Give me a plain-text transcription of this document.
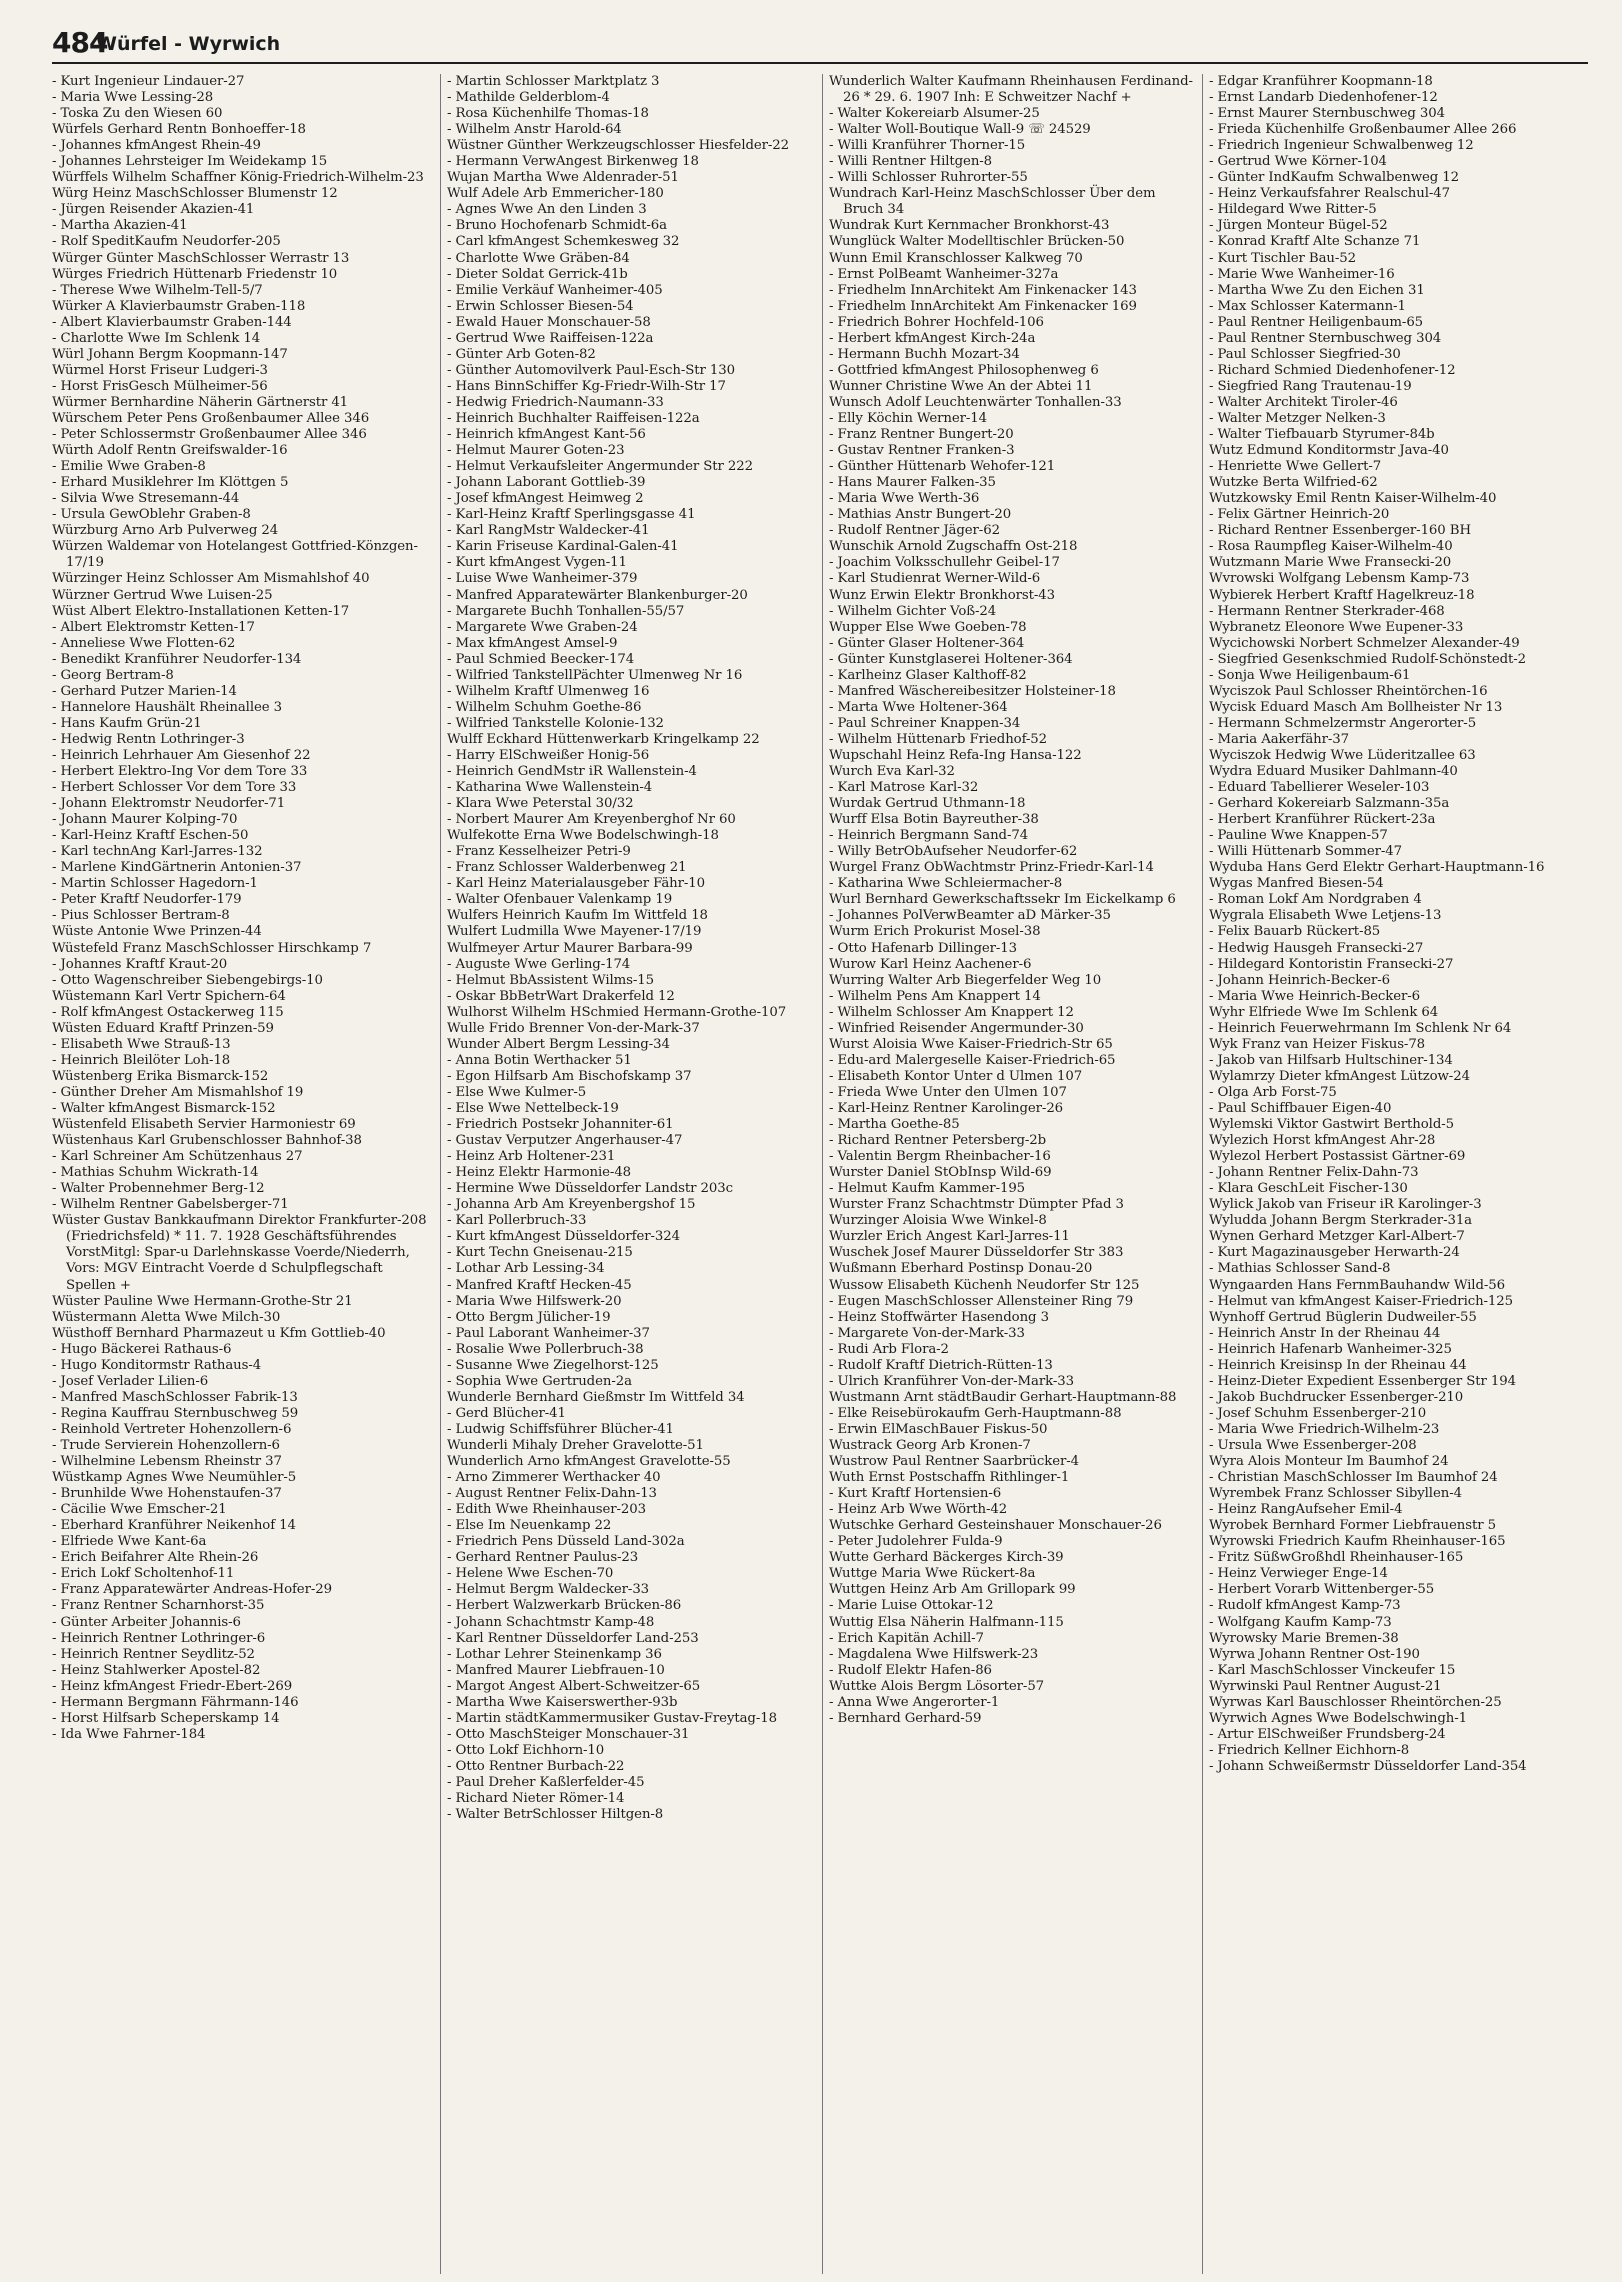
484
Würfel - Wyrwich
- Kurt Ingenieur Lindauer-27
- Maria Wwe Lessing-28
- Toska Zu den Wiesen 60
Würfels Gerhard Rentn Bonhoeffer-18
- Johannes kfmAngest Rhein-49
- Johannes Lehrsteiger Im Weidekamp 15
Würffels Wilhelm Schaffner König-Friedrich-Wilhelm-23
Würg Heinz MaschSchlosser Blumenstr 12
- Jürgen Reisender Akazien-41
- Martha Akazien-41
- Rolf SpeditKaufm Neudorfer-205
Würger Günter MaschSchlosser Werrastr 13
Würges Friedrich Hüttenarb Friedenstr 10
- Therese Wwe Wilhelm-Tell-5/7
Würker A Klavierbaumstr Graben-118
- Albert Klavierbaumstr Graben-144
- Charlotte Wwe Im Schlenk 14
Würl Johann Bergm Koopmann-147
Würmel Horst Friseur Ludgeri-3
- Horst FrisGesch Mülheimer-56
Würmer Bernhardine Näherin Gärtnerstr 41
Würschem Peter Pens Großenbaumer Allee 346
- Peter Schlossermstr Großenbaumer Allee 346
Würth Adolf Rentn Greifswalder-16
- Emilie Wwe Graben-8
- Erhard Musiklehrer Im Klöttgen 5
- Silvia Wwe Stresemann-44
- Ursula GewOblehr Graben-8
Würzburg Arno Arb Pulverweg 24
Würzen Waldemar von Hotelangest Gottfried-Könzgen-17/19
Würzinger Heinz Schlosser Am Mismahlshof 40
Würzner Gertrud Wwe Luisen-25
Wüst Albert Elektro-Installationen Ketten-17
- Albert Elektromstr Ketten-17
- Anneliese Wwe Flotten-62
- Benedikt Kranführer Neudorfer-134
- Georg Bertram-8
- Gerhard Putzer Marien-14
- Hannelore Haushält Rheinallee 3
- Hans Kaufm Grün-21
- Hedwig Rentn Lothringer-3
- Heinrich Lehrhauer Am Giesenhof 22
- Herbert Elektro-Ing Vor dem Tore 33
- Herbert Schlosser Vor dem Tore 33
- Johann Elektromstr Neudorfer-71
- Johann Maurer Kolping-70
- Karl-Heinz Kraftf Eschen-50
- Karl technAng Karl-Jarres-132
- Marlene KindGärtnerin Antonien-37
- Martin Schlosser Hagedorn-1
- Peter Kraftf Neudorfer-179
- Pius Schlosser Bertram-8
Wüste Antonie Wwe Prinzen-44
Wüstefeld Franz MaschSchlosser Hirschkamp 7
- Johannes Kraftf Kraut-20
- Otto Wagenschreiber Siebengebirgs-10
Wüstemann Karl Vertr Spichern-64
- Rolf kfmAngest Ostackerweg 115
Wüsten Eduard Kraftf Prinzen-59
- Elisabeth Wwe Strauß-13
- Heinrich Bleilöter Loh-18
Wüstenberg Erika Bismarck-152
- Günther Dreher Am Mismahlshof 19
- Walter kfmAngest Bismarck-152
Wüstenfeld Elisabeth Servier Harmoniestr 69
Wüstenhaus Karl Grubenschlosser Bahnhof-38
- Karl Schreiner Am Schützenhaus 27
- Mathias Schuhm Wickrath-14
- Walter Probennehmer Berg-12
- Wilhelm Rentner Gabelsberger-71
Wüster Gustav Bankkaufmann Direktor Frankfurter-208 (Friedrichsfeld) * 11. 7. 1928 Geschäftsführendes VorstMitgl: Spar-u Darlehnskasse Voerde/Niederrh, Vors: MGV Eintracht Voerde d Schulpflegschaft Spellen +
Wüster Pauline Wwe Hermann-Grothe-Str 21
Wüstermann Aletta Wwe Milch-30
Wüsthoff Bernhard Pharmazeut u Kfm Gottlieb-40
- Hugo Bäckerei Rathaus-6
- Hugo Konditormstr Rathaus-4
- Josef Verlader Lilien-6
- Manfred MaschSchlosser Fabrik-13
- Regina Kauffrau Sternbuschweg 59
- Reinhold Vertreter Hohenzollern-6
- Trude Servierein Hohenzollern-6
- Wilhelmine Lebensm Rheinstr 37
Wüstkamp Agnes Wwe Neumühler-5
- Brunhilde Wwe Hohenstaufen-37
- Cäcilie Wwe Emscher-21
- Eberhard Kranführer Neikenhof 14
- Elfriede Wwe Kant-6a
- Erich Beifahrer Alte Rhein-26
- Erich Lokf Scholtenhof-11
- Franz Apparatewärter Andreas-Hofer-29
- Franz Rentner Scharnhorst-35
- Günter Arbeiter Johannis-6
- Heinrich Rentner Lothringer-6
- Heinrich Rentner Seydlitz-52
- Heinz Stahlwerker Apostel-82
- Heinz kfmAngest Friedr-Ebert-269
- Hermann Bergmann Fährmann-146
- Horst Hilfsarb Scheperskamp 14
- Ida Wwe Fahrner-184
- Martin Schlosser Marktplatz 3
- Mathilde Gelderblom-4
- Rosa Küchenhilfe Thomas-18
- Wilhelm Anstr Harold-64
Wüstner Günther Werkzeugschlosser Hiesfelder-22
- Hermann VerwAngest Birkenweg 18
Wujan Martha Wwe Aldenrader-51
Wulf Adele Arb Emmericher-180
- Agnes Wwe An den Linden 3
- Bruno Hochofenarb Schmidt-6a
- Carl kfmAngest Schemkesweg 32
- Charlotte Wwe Gräben-84
- Dieter Soldat Gerrick-41b
- Emilie Verkäuf Wanheimer-405
- Erwin Schlosser Biesen-54
- Ewald Hauer Monschauer-58
- Gertrud Wwe Raiffeisen-122a
- Günter Arb Goten-82
- Günther Automovilverk Paul-Esch-Str 130
- Hans BinnSchiffer Kg-Friedr-Wilh-Str 17
- Hedwig Friedrich-Naumann-33
- Heinrich Buchhalter Raiffeisen-122a
- Heinrich kfmAngest Kant-56
- Helmut Maurer Goten-23
- Helmut Verkaufsleiter Angermunder Str 222
- Johann Laborant Gottlieb-39
- Josef kfmAngest Heimweg 2
- Karl-Heinz Kraftf Sperlingsgasse 41
- Karl RangMstr Waldecker-41
- Karin Friseuse Kardinal-Galen-41
- Kurt kfmAngest Vygen-11
- Luise Wwe Wanheimer-379
- Manfred Apparatewärter Blankenburger-20
- Margarete Buchh Tonhallen-55/57
- Margarete Wwe Graben-24
- Max kfmAngest Amsel-9
- Paul Schmied Beecker-174
- Wilfried TankstellPächter Ulmenweg Nr 16
- Wilhelm Kraftf Ulmenweg 16
- Wilhelm Schuhm Goethe-86
- Wilfried Tankstelle Kolonie-132
Wulff Eckhard Hüttenwerkarb Kringelkamp 22
- Harry ElSchweißer Honig-56
- Heinrich GendMstr iR Wallenstein-4
- Katharina Wwe Wallenstein-4
- Klara Wwe Peterstal 30/32
- Norbert Maurer Am Kreyenberghof Nr 60
Wulfekotte Erna Wwe Bodelschwingh-18
- Franz Kesselheizer Petri-9
- Franz Schlosser Walderbenweg 21
- Karl Heinz Materialausgeber Fähr-10
- Walter Ofenbauer Valenkamp 19
Wulfers Heinrich Kaufm Im Wittfeld 18
Wulfert Ludmilla Wwe Mayener-17/19
Wulfmeyer Artur Maurer Barbara-99
- Auguste Wwe Gerling-174
- Helmut BbAssistent Wilms-15
- Oskar BbBetrWart Drakerfeld 12
Wulhorst Wilhelm HSchmied Hermann-Grothe-107
Wulle Frido Brenner Von-der-Mark-37
Wunder Albert Bergm Lessing-34
- Anna Botin Werthacker 51
- Egon Hilfsarb Am Bischofskamp 37
- Else Wwe Kulmer-5
- Else Wwe Nettelbeck-19
- Friedrich Postsekr Johanniter-61
- Gustav Verputzer Angerhauser-47
- Heinz Arb Holtener-231
- Heinz Elektr Harmonie-48
- Hermine Wwe Düsseldorfer Landstr 203c
- Johanna Arb Am Kreyenbergshof 15
- Karl Pollerbruch-33
- Kurt kfmAngest Düsseldorfer-324
- Kurt Techn Gneisenau-215
- Lothar Arb Lessing-34
- Manfred Kraftf Hecken-45
- Maria Wwe Hilfswerk-20
- Otto Bergm Jülicher-19
- Paul Laborant Wanheimer-37
- Rosalie Wwe Pollerbruch-38
- Susanne Wwe Ziegelhorst-125
- Sophia Wwe Gertruden-2a
Wunderle Bernhard Gießmstr Im Wittfeld 34
- Gerd Blücher-41
- Ludwig Schiffsführer Blücher-41
Wunderli Mihaly Dreher Gravelotte-51
Wunderlich Arno kfmAngest Gravelotte-55
- Arno Zimmerer Werthacker 40
- August Rentner Felix-Dahn-13
- Edith Wwe Rheinhauser-203
- Else Im Neuenkamp 22
- Friedrich Pens Düsseld Land-302a
- Gerhard Rentner Paulus-23
- Helene Wwe Eschen-70
- Helmut Bergm Waldecker-33
- Herbert Walzwerkarb Brücken-86
- Johann Schachtmstr Kamp-48
- Karl Rentner Düsseldorfer Land-253
- Lothar Lehrer Steinenkamp 36
- Manfred Maurer Liebfrauen-10
- Margot Angest Albert-Schweitzer-65
- Martha Wwe Kaiserswerther-93b
- Martin städtKammermusiker Gustav-Freytag-18
- Otto MaschSteiger Monschauer-31
- Otto Lokf Eichhorn-10
- Otto Rentner Burbach-22
- Paul Dreher Kaßlerfelder-45
- Richard Nieter Römer-14
- Walter BetrSchlosser Hiltgen-8
Wunderlich Walter Kaufmann Rheinhausen Ferdinand-26 * 29. 6. 1907 Inh: E Schweitzer Nachf +
- Walter Kokereiarb Alsumer-25
- Walter Woll-Boutique Wall-9 ☏ 24529
- Willi Kranführer Thorner-15
- Willi Rentner Hiltgen-8
- Willi Schlosser Ruhrorter-55
Wundrach Karl-Heinz MaschSchlosser Über dem Bruch 34
Wundrak Kurt Kernmacher Bronkhorst-43
Wunglück Walter Modelltischler Brücken-50
Wunn Emil Kranschlosser Kalkweg 70
- Ernst PolBeamt Wanheimer-327a
- Friedhelm InnArchitekt Am Finkenacker 143
- Friedhelm InnArchitekt Am Finkenacker 169
- Friedrich Bohrer Hochfeld-106
- Herbert kfmAngest Kirch-24a
- Hermann Buchh Mozart-34
- Gottfried kfmAngest Philosophenweg 6
Wunner Christine Wwe An der Abtei 11
Wunsch Adolf Leuchtenwärter Tonhallen-33
- Elly Köchin Werner-14
- Franz Rentner Bungert-20
- Gustav Rentner Franken-3
- Günther Hüttenarb Wehofer-121
- Hans Maurer Falken-35
- Maria Wwe Werth-36
- Mathias Anstr Bungert-20
- Rudolf Rentner Jäger-62
Wunschik Arnold Zugschaffn Ost-218
- Joachim Volksschullehr Geibel-17
- Karl Studienrat Werner-Wild-6
Wunz Erwin Elektr Bronkhorst-43
- Wilhelm Gichter Voß-24
Wupper Else Wwe Goeben-78
- Günter Glaser Holtener-364
- Günter Kunstglaserei Holtener-364
- Karlheinz Glaser Kalthoff-82
- Manfred Wäschereibesitzer Holsteiner-18
- Marta Wwe Holtener-364
- Paul Schreiner Knappen-34
- Wilhelm Hüttenarb Friedhof-52
Wupschahl Heinz Refa-Ing Hansa-122
Wurch Eva Karl-32
- Karl Matrose Karl-32
Wurdak Gertrud Uthmann-18
Wurff Elsa Botin Bayreuther-38
- Heinrich Bergmann Sand-74
- Willy BetrObAufseher Neudorfer-62
Wurgel Franz ObWachtmstr Prinz-Friedr-Karl-14
- Katharina Wwe Schleiermacher-8
Wurl Bernhard Gewerkschaftssekr Im Eickelkamp 6
- Johannes PolVerwBeamter aD Märker-35
Wurm Erich Prokurist Mosel-38
- Otto Hafenarb Dillinger-13
Wurow Karl Heinz Aachener-6
Wurring Walter Arb Biegerfelder Weg 10
- Wilhelm Pens Am Knappert 14
- Wilhelm Schlosser Am Knappert 12
- Winfried Reisender Angermunder-30
Wurst Aloisia Wwe Kaiser-Friedrich-Str 65
- Edu-ard Malergeselle Kaiser-Friedrich-65
- Elisabeth Kontor Unter d Ulmen 107
- Frieda Wwe Unter den Ulmen 107
- Karl-Heinz Rentner Karolinger-26
- Martha Goethe-85
- Richard Rentner Petersberg-2b
- Valentin Bergm Rheinbacher-16
Wurster Daniel StObInsp Wild-69
- Helmut Kaufm Kammer-195
Wurster Franz Schachtmstr Dümpter Pfad 3
Wurzinger Aloisia Wwe Winkel-8
Wurzler Erich Angest Karl-Jarres-11
Wuschek Josef Maurer Düsseldorfer Str 383
Wußmann Eberhard Postinsp Donau-20
Wussow Elisabeth Küchenh Neudorfer Str 125
- Eugen MaschSchlosser Allensteiner Ring 79
- Heinz Stoffwärter Hasendong 3
- Margarete Von-der-Mark-33
- Rudi Arb Flora-2
- Rudolf Kraftf Dietrich-Rütten-13
- Ulrich Kranführer Von-der-Mark-33
Wustmann Arnt städtBaudir Gerhart-Hauptmann-88
- Elke Reisebürokaufm Gerh-Hauptmann-88
- Erwin ElMaschBauer Fiskus-50
Wustrack Georg Arb Kronen-7
Wustrow Paul Rentner Saarbrücker-4
Wuth Ernst Postschaffn Rithlinger-1
- Kurt Kraftf Hortensien-6
- Heinz Arb Wwe Wörth-42
Wutschke Gerhard Gesteinshauer Monschauer-26
- Peter Judolehrer Fulda-9
Wutte Gerhard Bäckerges Kirch-39
Wuttge Maria Wwe Rückert-8a
Wuttgen Heinz Arb Am Grillopark 99
- Marie Luise Ottokar-12
Wuttig Elsa Näherin Halfmann-115
- Erich Kapitän Achill-7
- Magdalena Wwe Hilfswerk-23
- Rudolf Elektr Hafen-86
Wuttke Alois Bergm Lösorter-57
- Anna Wwe Angerorter-1
- Bernhard Gerhard-59
- Edgar Kranführer Koopmann-18
- Ernst Landarb Diedenhofener-12
- Ernst Maurer Sternbuschweg 304
- Frieda Küchenhilfe Großenbaumer Allee 266
- Friedrich Ingenieur Schwalbenweg 12
- Gertrud Wwe Körner-104
- Günter IndKaufm Schwalbenweg 12
- Heinz Verkaufsfahrer Realschul-47
- Hildegard Wwe Ritter-5
- Jürgen Monteur Bügel-52
- Konrad Kraftf Alte Schanze 71
- Kurt Tischler Bau-52
- Marie Wwe Wanheimer-16
- Martha Wwe Zu den Eichen 31
- Max Schlosser Katermann-1
- Paul Rentner Heiligenbaum-65
- Paul Rentner Sternbuschweg 304
- Paul Schlosser Siegfried-30
- Richard Schmied Diedenhofener-12
- Siegfried Rang Trautenau-19
- Walter Architekt Tiroler-46
- Walter Metzger Nelken-3
- Walter Tiefbauarb Styrumer-84b
Wutz Edmund Konditormstr Java-40
- Henriette Wwe Gellert-7
Wutzke Berta Wilfried-62
Wutzkowsky Emil Rentn Kaiser-Wilhelm-40
- Felix Gärtner Heinrich-20
- Richard Rentner Essenberger-160 BH
- Rosa Raumpfleg Kaiser-Wilhelm-40
Wutzmann Marie Wwe Fransecki-20
Wvrowski Wolfgang Lebensm Kamp-73
Wybierek Herbert Kraftf Hagelkreuz-18
- Hermann Rentner Sterkrader-468
Wybranetz Eleonore Wwe Eupener-33
Wycichowski Norbert Schmelzer Alexander-49
- Siegfried Gesenkschmied Rudolf-Schönstedt-2
- Sonja Wwe Heiligenbaum-61
Wyciszok Paul Schlosser Rheintörchen-16
Wycisk Eduard Masch Am Bollheister Nr 13
- Hermann Schmelzermstr Angerorter-5
- Maria Aakerfähr-37
Wyciszok Hedwig Wwe Lüderitzallee 63
Wydra Eduard Musiker Dahlmann-40
- Eduard Tabellierer Weseler-103
- Gerhard Kokereiarb Salzmann-35a
- Herbert Kranführer Rückert-23a
- Pauline Wwe Knappen-57
- Willi Hüttenarb Sommer-47
Wyduba Hans Gerd Elektr Gerhart-Hauptmann-16
Wygas Manfred Biesen-54
- Roman Lokf Am Nordgraben 4
Wygrala Elisabeth Wwe Letjens-13
- Felix Bauarb Rückert-85
- Hedwig Hausgeh Fransecki-27
- Hildegard Kontoristin Fransecki-27
- Johann Heinrich-Becker-6
- Maria Wwe Heinrich-Becker-6
Wyhr Elfriede Wwe Im Schlenk 64
- Heinrich Feuerwehrmann Im Schlenk Nr 64
Wyk Franz van Heizer Fiskus-78
- Jakob van Hilfsarb Hultschiner-134
Wylamrzy Dieter kfmAngest Lützow-24
- Olga Arb Forst-75
- Paul Schiffbauer Eigen-40
Wylemski Viktor Gastwirt Berthold-5
Wylezich Horst kfmAngest Ahr-28
Wylezol Herbert Postassist Gärtner-69
- Johann Rentner Felix-Dahn-73
- Klara GeschLeit Fischer-130
Wylick Jakob van Friseur iR Karolinger-3
Wyludda Johann Bergm Sterkrader-31a
Wynen Gerhard Metzger Karl-Albert-7
- Kurt Magazinausgeber Herwarth-24
- Mathias Schlosser Sand-8
Wyngaarden Hans FernmBauhandw Wild-56
- Helmut van kfmAngest Kaiser-Friedrich-125
Wynhoff Gertrud Büglerin Dudweiler-55
- Heinrich Anstr In der Rheinau 44
- Heinrich Hafenarb Wanheimer-325
- Heinrich Kreisinsp In der Rheinau 44
- Heinz-Dieter Expedient Essenberger Str 194
- Jakob Buchdrucker Essenberger-210
- Josef Schuhm Essenberger-210
- Maria Wwe Friedrich-Wilhelm-23
- Ursula Wwe Essenberger-208
Wyra Alois Monteur Im Baumhof 24
- Christian MaschSchlosser Im Baumhof 24
Wyrembek Franz Schlosser Sibyllen-4
- Heinz RangAufseher Emil-4
Wyrobek Bernhard Former Liebfrauenstr 5
Wyrowski Friedrich Kaufm Rheinhauser-165
- Fritz SüßwGroßhdl Rheinhauser-165
- Heinz Verwieger Enge-14
- Herbert Vorarb Wittenberger-55
- Rudolf kfmAngest Kamp-73
- Wolfgang Kaufm Kamp-73
Wyrowsky Marie Bremen-38
Wyrwa Johann Rentner Ost-190
- Karl MaschSchlosser Vinckeufer 15
Wyrwinski Paul Rentner August-21
Wyrwas Karl Bauschlosser Rheintörchen-25
Wyrwich Agnes Wwe Bodelschwingh-1
- Artur ElSchweißer Frundsberg-24
- Friedrich Kellner Eichhorn-8
- Johann Schweißermstr Düsseldorfer Land-354
